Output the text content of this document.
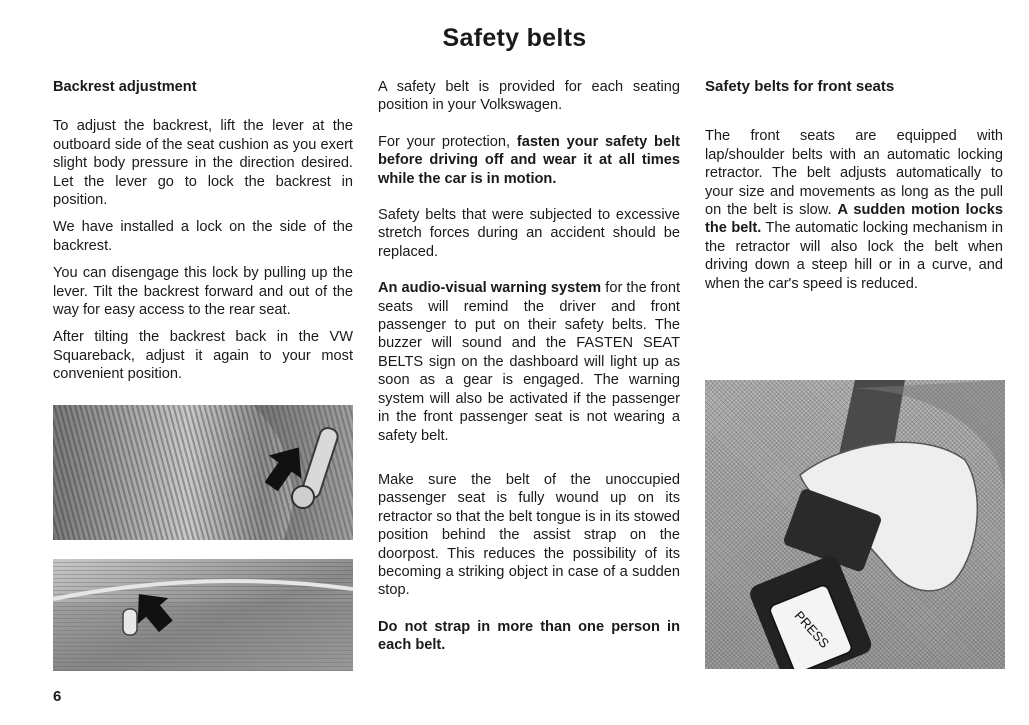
Safety belts
Backrest adjustment

To adjust the backrest, lift the lever at the outboard side of the seat cushion as you exert slight body pressure in the direction desired. Let the lever go to lock the backrest in position.

We have installed a lock on the side of the backrest.

You can disengage this lock by pulling up the lever. Tilt the backrest forward and out of the way for easy access to the rear seat.

After tilting the backrest back in the VW Squareback, adjust it again to your most convenient position.

A safety belt is provided for each seating position in your Volkswagen.

For your protection, fasten your safety belt before driving off and wear it at all times while the car is in motion.

Safety belts that were subjected to excessive stretch forces during an accident should be replaced.

An audio-visual warning system for the front seats will remind the driver and front passenger to put on their safety belts. The buzzer will sound and the FASTEN SEAT BELTS sign on the dashboard will light up as soon as a gear is engaged. The warning system will also be activated if the passenger in the front passenger seat is not wearing a safety belt.

Make sure the belt of the unoccupied passenger seat is fully wound up on its retractor so that the belt tongue is in its stowed position behind the assist strap on the doorpost. This reduces the possibility of its becoming a striking object in case of a sudden stop.

Do not strap in more than one person in each belt.

Safety belts for front seats

The front seats are equipped with lap/shoulder belts with an automatic locking retractor. The belt adjusts automatically to your size and movements as long as the pull on the belt is slow. A sudden motion locks the belt. The automatic locking mechanism in the retractor will also lock the belt when driving down a steep hill or in a curve, and when the car's speed is reduced.

PRESS
6
